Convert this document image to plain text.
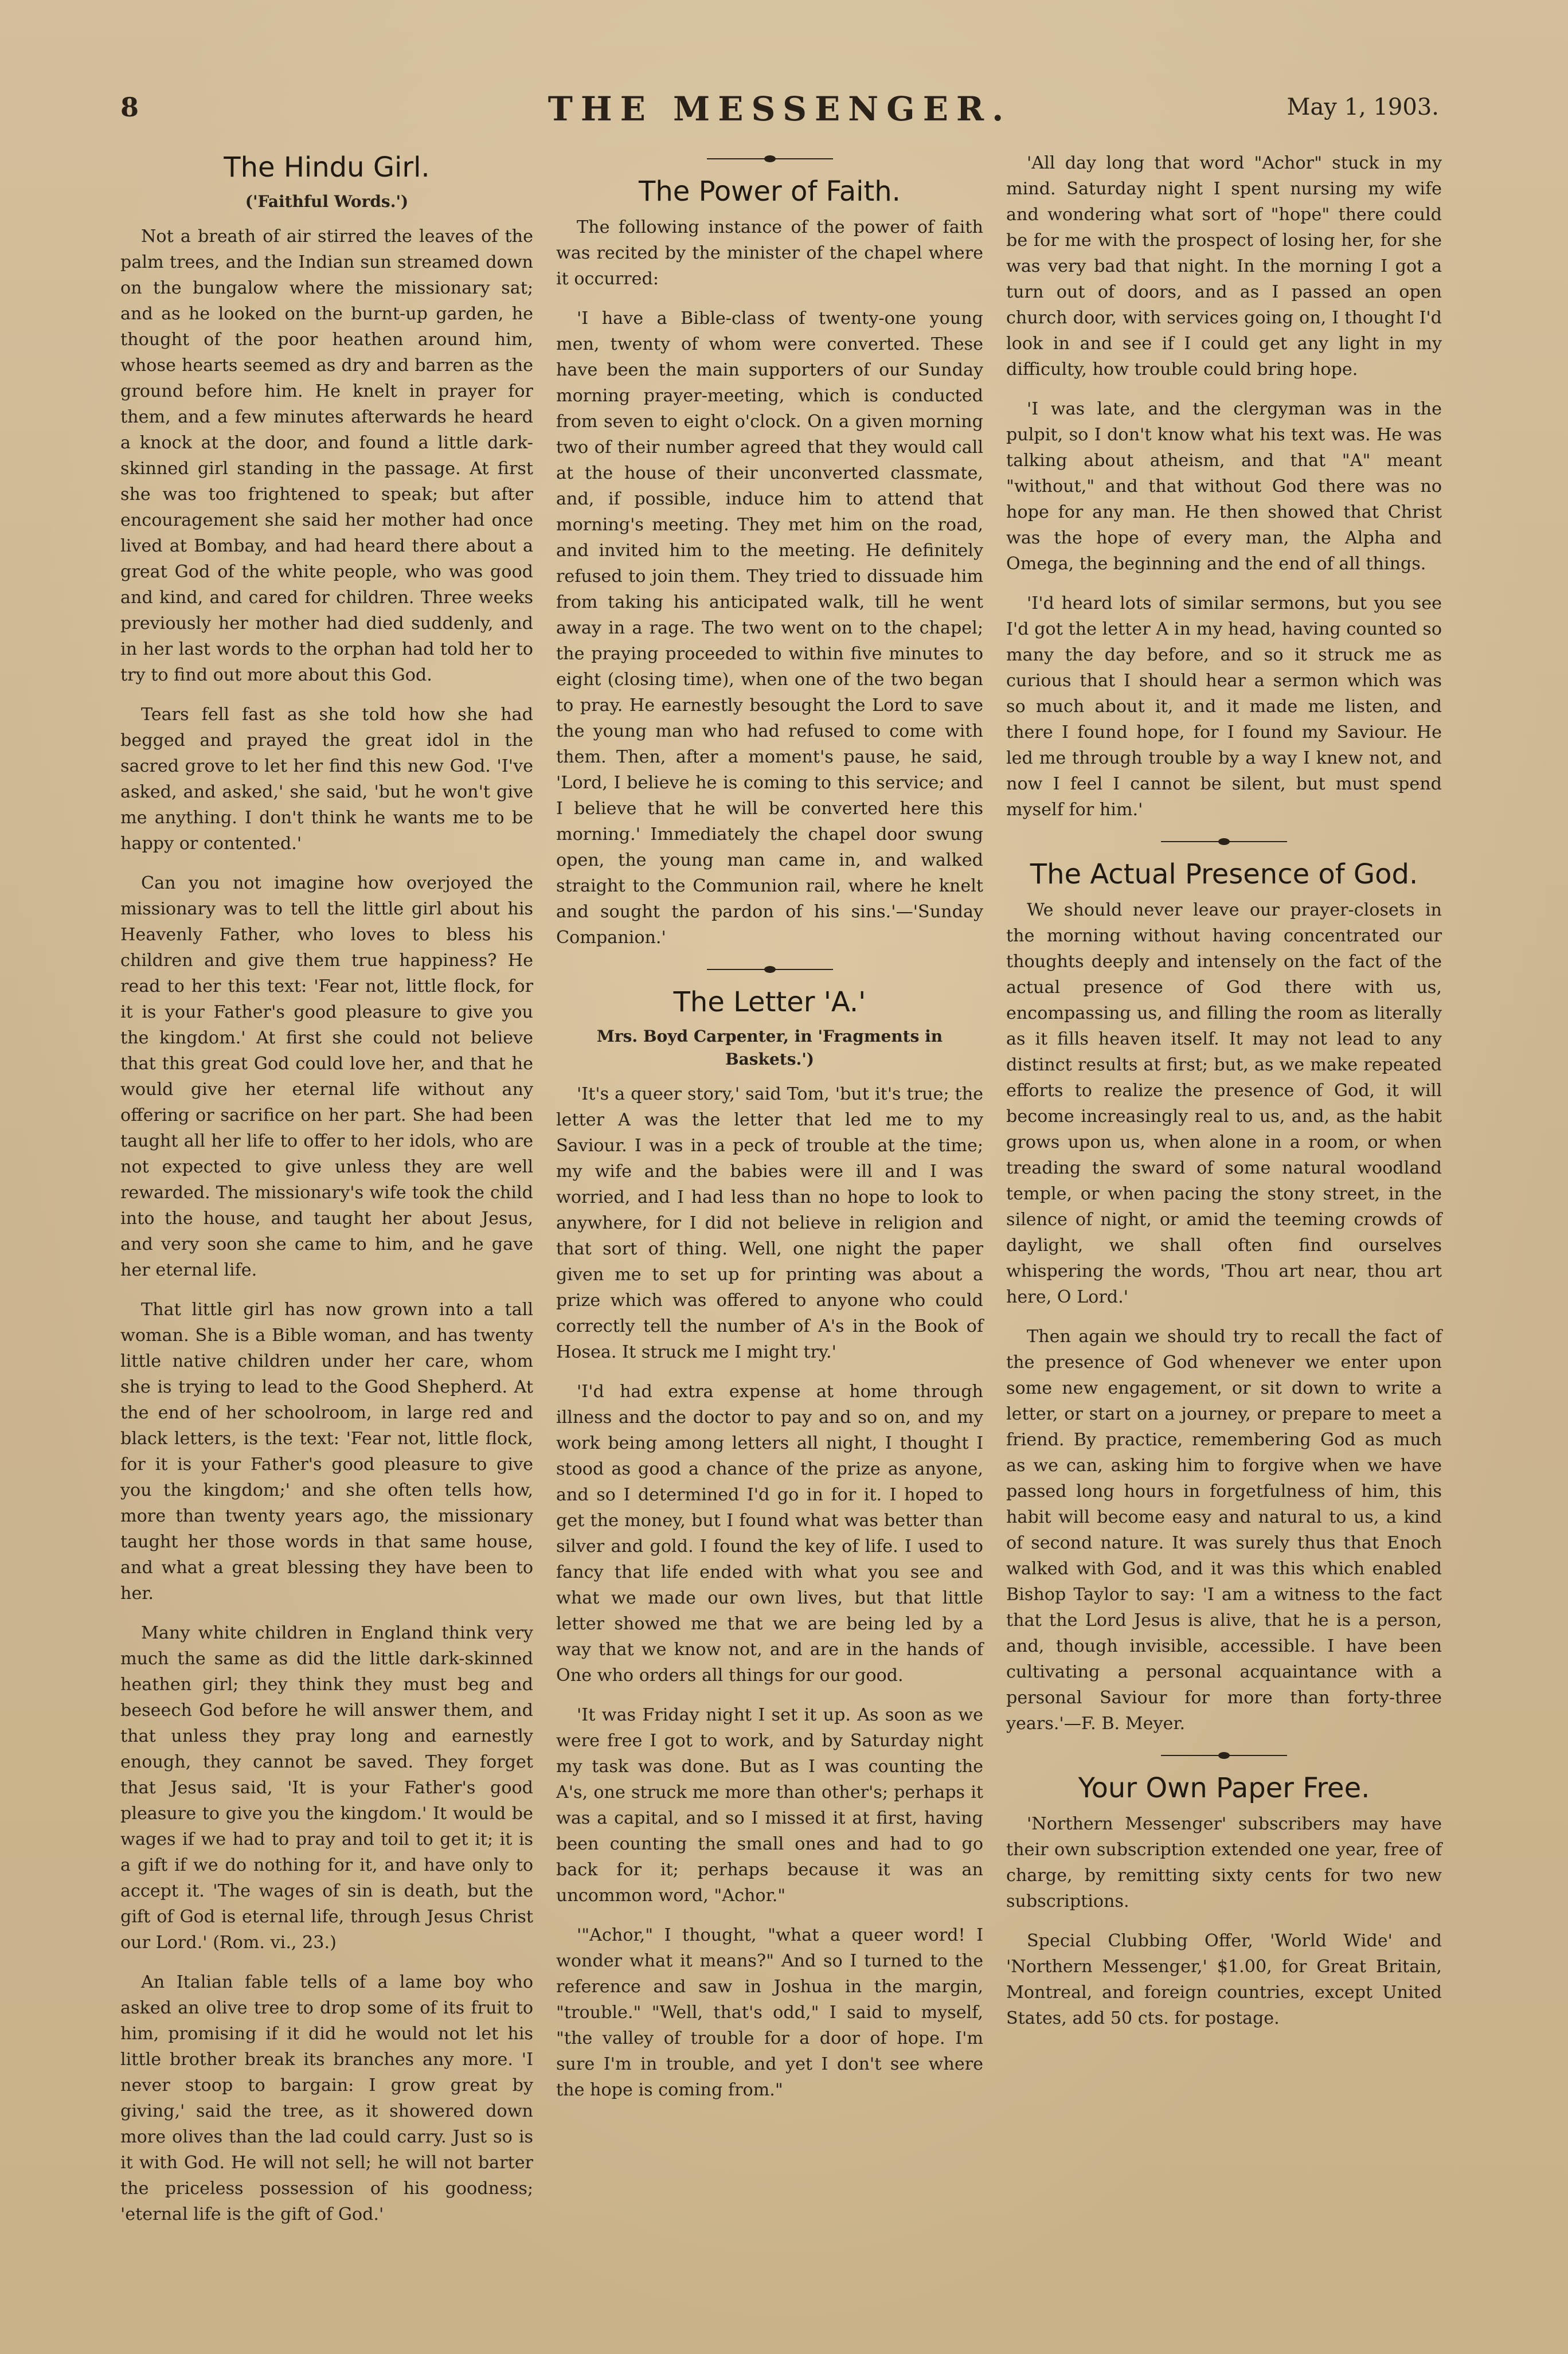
8	THE MESSENGER.	May 1, 1903.
The Hindu Girl.
('Faithful Words.')

Not a breath of air stirred the leaves of the palm trees, and the Indian sun streamed down on the bungalow where the missionary sat; and as he looked on the burnt-up garden, he thought of the poor heathen around him, whose hearts seemed as dry and barren as the ground before him. He knelt in prayer for them, and a few minutes afterwards he heard a knock at the door, and found a little dark-skinned girl standing in the passage. At first she was too frightened to speak; but after encouragement she said her mother had once lived at Bombay, and had heard there about a great God of the white people, who was good and kind, and cared for children. Three weeks previously her mother had died suddenly, and in her last words to the orphan had told her to try to find out more about this God.

Tears fell fast as she told how she had begged and prayed the great idol in the sacred grove to let her find this new God. 'I've asked, and asked,' she said, 'but he won't give me anything. I don't think he wants me to be happy or contented.'

Can you not imagine how overjoyed the missionary was to tell the little girl about his Heavenly Father, who loves to bless his children and give them true happiness? He read to her this text: 'Fear not, little flock, for it is your Father's good pleasure to give you the kingdom.' At first she could not believe that this great God could love her, and that he would give her eternal life without any offering or sacrifice on her part. She had been taught all her life to offer to her idols, who are not expected to give unless they are well rewarded. The missionary's wife took the child into the house, and taught her about Jesus, and very soon she came to him, and he gave her eternal life.

That little girl has now grown into a tall woman. She is a Bible woman, and has twenty little native children under her care, whom she is trying to lead to the Good Shepherd. At the end of her schoolroom, in large red and black letters, is the text: 'Fear not, little flock, for it is your Father's good pleasure to give you the kingdom;' and she often tells how, more than twenty years ago, the missionary taught her those words in that same house, and what a great blessing they have been to her.

Many white children in England think very much the same as did the little dark-skinned heathen girl; they think they must beg and beseech God before he will answer them, and that unless they pray long and earnestly enough, they cannot be saved. They forget that Jesus said, 'It is your Father's good pleasure to give you the kingdom.' It would be wages if we had to pray and toil to get it; it is a gift if we do nothing for it, and have only to accept it. 'The wages of sin is death, but the gift of God is eternal life, through Jesus Christ our Lord.' (Rom. vi., 23.)

An Italian fable tells of a lame boy who asked an olive tree to drop some of its fruit to him, promising if it did he would not let his little brother break its branches any more. 'I never stoop to bargain: I grow great by giving,' said the tree, as it showered down more olives than the lad could carry. Just so is it with God. He will not sell; he will not barter the priceless possession of his goodness; 'eternal life is the gift of God.'

The Power of Faith.

The following instance of the power of faith was recited by the minister of the chapel where it occurred:

'I have a Bible-class of twenty-one young men, twenty of whom were converted. These have been the main supporters of our Sunday morning prayer-meeting, which is conducted from seven to eight o'clock. On a given morning two of their number agreed that they would call at the house of their unconverted classmate, and, if possible, induce him to attend that morning's meeting. They met him on the road, and invited him to the meeting. He definitely refused to join them. They tried to dissuade him from taking his anticipated walk, till he went away in a rage. The two went on to the chapel; the praying proceeded to within five minutes to eight (closing time), when one of the two began to pray. He earnestly besought the Lord to save the young man who had refused to come with them. Then, after a moment's pause, he said, 'Lord, I believe he is coming to this service; and I believe that he will be converted here this morning.' Immediately the chapel door swung open, the young man came in, and walked straight to the Communion rail, where he knelt and sought the pardon of his sins.'—'Sunday Companion.'

The Letter 'A.'
Mrs. Boyd Carpenter, in 'Fragments in Baskets.')

'It's a queer story,' said Tom, 'but it's true; the letter A was the letter that led me to my Saviour. I was in a peck of trouble at the time; my wife and the babies were ill and I was worried, and I had less than no hope to look to anywhere, for I did not believe in religion and that sort of thing. Well, one night the paper given me to set up for printing was about a prize which was offered to anyone who could correctly tell the number of A's in the Book of Hosea. It struck me I might try.'

'I'd had extra expense at home through illness and the doctor to pay and so on, and my work being among letters all night, I thought I stood as good a chance of the prize as anyone, and so I determined I'd go in for it. I hoped to get the money, but I found what was better than silver and gold. I found the key of life. I used to fancy that life ended with what you see and what we made our own lives, but that little letter showed me that we are being led by a way that we know not, and are in the hands of One who orders all things for our good.

'It was Friday night I set it up. As soon as we were free I got to work, and by Saturday night my task was done. But as I was counting the A's, one struck me more than other's; perhaps it was a capital, and so I missed it at first, having been counting the small ones and had to go back for it; perhaps because it was an uncommon word, "Achor."

'"Achor," I thought, "what a queer word! I wonder what it means?" And so I turned to the reference and saw in Joshua in the margin, "trouble." "Well, that's odd," I said to myself, "the valley of trouble for a door of hope. I'm sure I'm in trouble, and yet I don't see where the hope is coming from."

'All day long that word "Achor" stuck in my mind. Saturday night I spent nursing my wife and wondering what sort of "hope" there could be for me with the prospect of losing her, for she was very bad that night. In the morning I got a turn out of doors, and as I passed an open church door, with services going on, I thought I'd look in and see if I could get any light in my difficulty, how trouble could bring hope.

'I was late, and the clergyman was in the pulpit, so I don't know what his text was. He was talking about atheism, and that "A" meant "without," and that without God there was no hope for any man. He then showed that Christ was the hope of every man, the Alpha and Omega, the beginning and the end of all things.

'I'd heard lots of similar sermons, but you see I'd got the letter A in my head, having counted so many the day before, and so it struck me as curious that I should hear a sermon which was so much about it, and it made me listen, and there I found hope, for I found my Saviour. He led me through trouble by a way I knew not, and now I feel I cannot be silent, but must spend myself for him.'

The Actual Presence of God.

We should never leave our prayer-closets in the morning without having concentrated our thoughts deeply and intensely on the fact of the actual presence of God there with us, encompassing us, and filling the room as literally as it fills heaven itself. It may not lead to any distinct results at first; but, as we make repeated efforts to realize the presence of God, it will become increasingly real to us, and, as the habit grows upon us, when alone in a room, or when treading the sward of some natural woodland temple, or when pacing the stony street, in the silence of night, or amid the teeming crowds of daylight, we shall often find ourselves whispering the words, 'Thou art near, thou art here, O Lord.'

Then again we should try to recall the fact of the presence of God whenever we enter upon some new engagement, or sit down to write a letter, or start on a journey, or prepare to meet a friend. By practice, remembering God as much as we can, asking him to forgive when we have passed long hours in forgetfulness of him, this habit will become easy and natural to us, a kind of second nature. It was surely thus that Enoch walked with God, and it was this which enabled Bishop Taylor to say: 'I am a witness to the fact that the Lord Jesus is alive, that he is a person, and, though invisible, accessible. I have been cultivating a personal acquaintance with a personal Saviour for more than forty-three years.'—F. B. Meyer.

Your Own Paper Free.

'Northern Messenger' subscribers may have their own subscription extended one year, free of charge, by remitting sixty cents for two new subscriptions.

Special Clubbing Offer, 'World Wide' and 'Northern Messenger,' $1.00, for Great Britain, Montreal, and foreign countries, except United States, add 50 cts. for postage.
